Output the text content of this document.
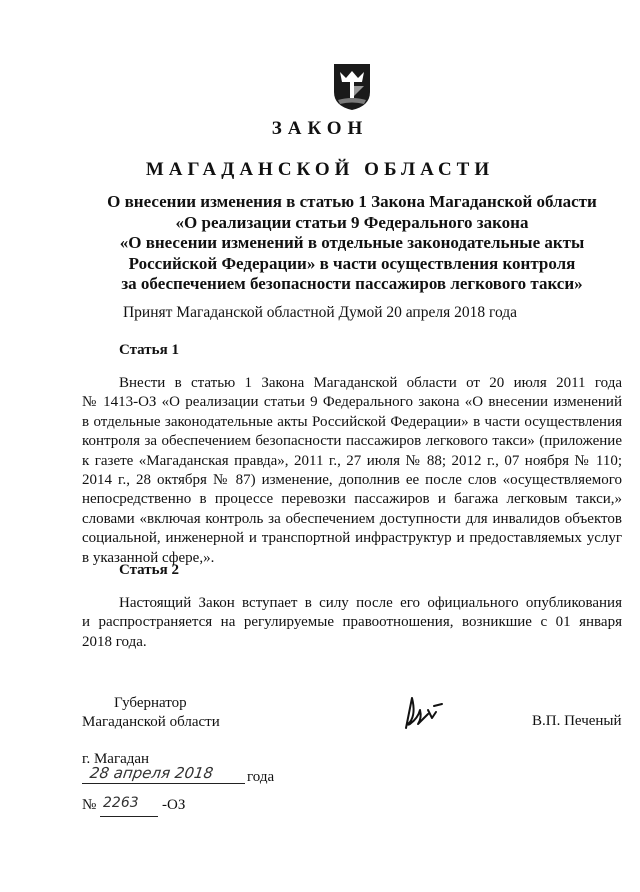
ЗАКОН
МАГАДАНСКОЙ ОБЛАСТИ
О внесении изменения в статью 1 Закона Магаданской области
«О реализации статьи 9 Федерального закона
«О внесении изменений в отдельные законодательные акты
Российской Федерации» в части осуществления контроля
за обеспечением безопасности пассажиров легкового такси»
Принят Магаданской областной Думой 20 апреля 2018 года
Статья 1
Внести в статью 1 Закона Магаданской области от 20 июля 2011 года
№ 1413-ОЗ «О реализации статьи 9 Федерального закона «О внесении изменений
в отдельные законодательные акты Российской Федерации» в части осуществления
контроля за обеспечением безопасности пассажиров легкового такси» (приложение
к газете «Магаданская правда», 2011 г., 27 июля № 88; 2012 г., 07 ноября № 110;
2014 г., 28 октября № 87) изменение, дополнив ее после слов «осуществляемого
непосредственно в процессе перевозки пассажиров и багажа легковым такси,»
словами «включая контроль за обеспечением доступности для инвалидов объектов
социальной, инженерной и транспортной инфраструктур и предоставляемых услуг
в указанной сфере,».
Статья 2
Настоящий Закон вступает в силу после его официального опубликования
и распространяется на регулируемые правоотношения, возникшие с 01 января
2018 года.
Губернатор
Магаданской области	В.П. Печеный
г. Магадан
28 апреля 2018 года
№ 2263 -ОЗ
